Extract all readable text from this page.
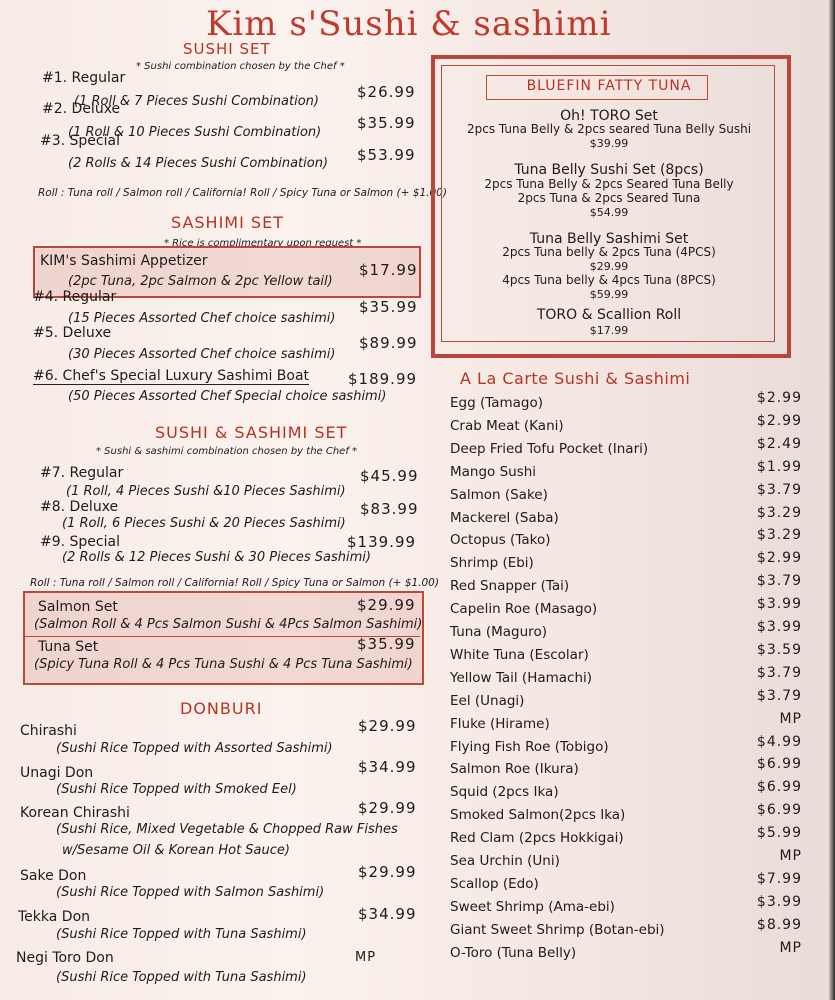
Kim s'Sushi & sashimi
SUSHI SET
* Sushi combination chosen by the Chef *
#1. Regular
(1 Roll & 7 Pieces Sushi Combination)
$26.99
#2. Deluxe
(1 Roll & 10 Pieces Sushi Combination)
$35.99
#3. Special
(2 Rolls & 14 Pieces Sushi Combination) $53.99
Roll : Tuna roll / Salmon roll / California! Roll / Spicy Tuna or Salmon (+ $1.00)
SASHIMI SET
* Rice is complimentary upon request *
KIM's Sashimi Appetizer
(2pc Tuna, 2pc Salmon & 2pc Yellow tail)
$17.99
#4. Regular
(15 Pieces Assorted Chef choice sashimi)
$35.99
#5. Deluxe
(30 Pieces Assorted Chef choice sashimi)
$89.99
#6. Chef's Special Luxury Sashimi Boat
(50 Pieces Assorted Chef Special choice sashimi)
$189.99
SUSHI & SASHIMI SET
* Sushi & sashimi combination chosen by the Chef *
#7. Regular
(1 Roll, 4 Pieces Sushi &10 Pieces Sashimi)
$45.99
#8. Deluxe
(1 Roll, 6 Pieces Sushi & 20 Pieces Sashimi)
$83.99
#9. Special
(2 Rolls & 12 Pieces Sushi & 30 Pieces Sashimi)
$139.99
Roll : Tuna roll / Salmon roll / California! Roll / Spicy Tuna or Salmon (+ $1.00)
Salmon Set
(Salmon Roll & 4 Pcs Salmon Sushi & 4Pcs Salmon Sashimi)
$29.99
Tuna Set
(Spicy Tuna Roll & 4 Pcs Tuna Sushi & 4 Pcs Tuna Sashimi)
$35.99
DONBURI
Chirashi
(Sushi Rice Topped with Assorted Sashimi)
$29.99
Unagi Don
(Sushi Rice Topped with Smoked Eel)
$34.99
Korean Chirashi
(Sushi Rice, Mixed Vegetable & Chopped Raw Fishes
w/Sesame Oil & Korean Hot Sauce)
$29.99
Sake Don
(Sushi Rice Topped with Salmon Sashimi)
$29.99
Tekka Don
(Sushi Rice Topped with Tuna Sashimi)
$34.99
Negi Toro Don
(Sushi Rice Topped with Tuna Sashimi)
MP
BLUEFIN FATTY TUNA
Oh! TORO Set
2pcs Tuna Belly & 2pcs seared Tuna Belly Sushi
$39.99
Tuna Belly Sushi Set (8pcs)
2pcs Tuna Belly & 2pcs Seared Tuna Belly
2pcs Tuna & 2pcs Seared Tuna
$54.99
Tuna Belly Sashimi Set
2pcs Tuna belly & 2pcs Tuna (4PCS)
$29.99
4pcs Tuna belly & 4pcs Tuna (8PCS)
$59.99
TORO & Scallion Roll
$17.99
A La Carte Sushi & Sashimi
Egg (Tamago)	$2.99
Crab Meat (Kani)	$2.99
Deep Fried Tofu Pocket (Inari)	$2.49
Mango Sushi	$1.99
Salmon (Sake)	$3.79
Mackerel (Saba)	$3.29
Octopus (Tako)	$3.29
Shrimp (Ebi)	$2.99
Red Snapper (Tai)	$3.79
Capelin Roe (Masago)	$3.99
Tuna (Maguro)	$3.99
White Tuna (Escolar)	$3.59
Yellow Tail (Hamachi)	$3.79
Eel (Unagi)	$3.79
Fluke (Hirame)	MP
Flying Fish Roe (Tobigo)	$4.99
Salmon Roe (Ikura)	$6.99
Squid (2pcs Ika)	$6.99
Smoked Salmon(2pcs Ika)	$6.99
Red Clam (2pcs Hokkigai)	$5.99
Sea Urchin (Uni)	MP
Scallop (Edo)	$7.99
Sweet Shrimp (Ama-ebi)	$3.99
Giant Sweet Shrimp (Botan-ebi)	$8.99
O-Toro (Tuna Belly)	MP
